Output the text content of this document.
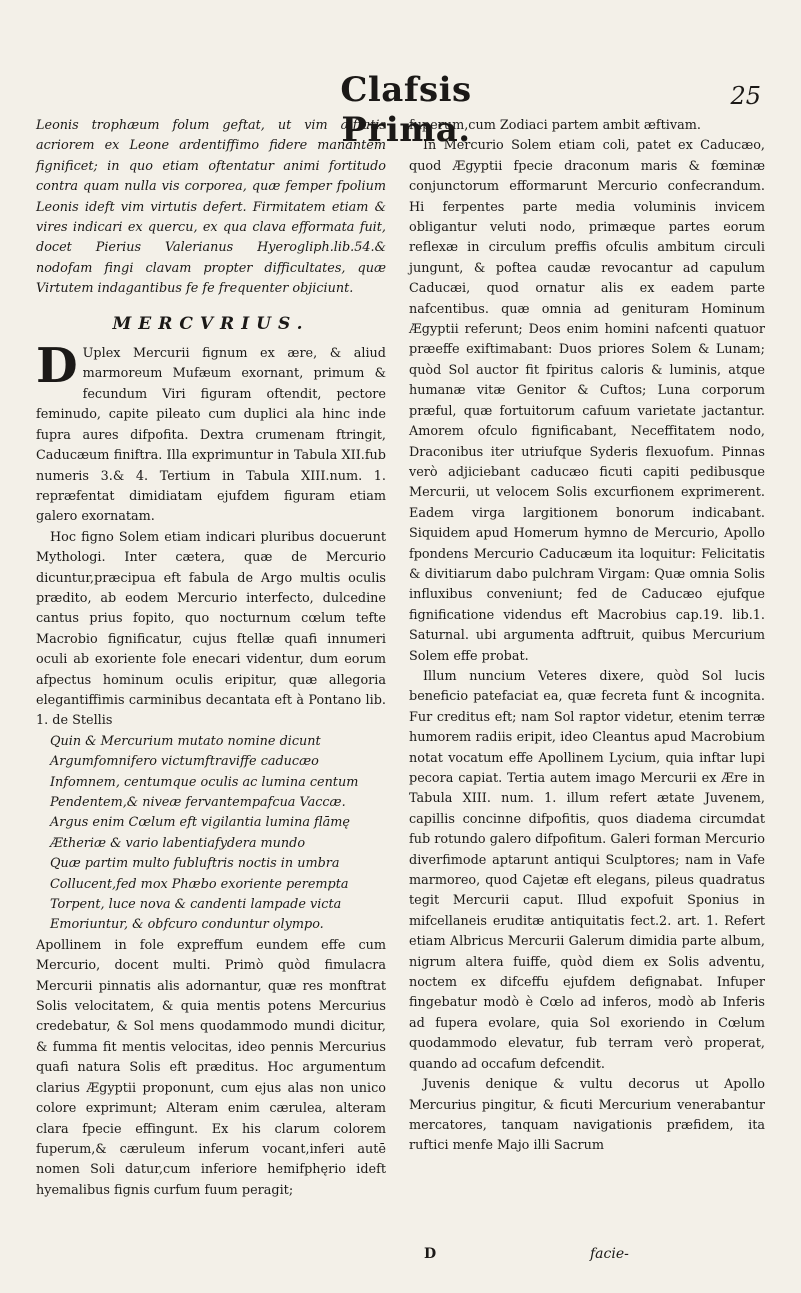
Clafsis Prima.
25

Leonis trophæum folum geftat, ut vim æftatis acriorem ex Leone ardentiffimo fidere manantem fignificet; in quo etiam oftentatur animi fortitudo contra quam nulla vis corporea, quæ femper fpolium Leonis ideft vim virtutis defert. Firmitatem etiam & vires indicari ex quercu, ex qua clava efformata fuit, docet Pierius Valerianus Hyerogliph.lib.54.& nodofam fingi clavam propter difficultates, quæ Virtutem indagantibus fe fe frequenter objiciunt.

MERCVRIUS.

D Uplex Mercurii fignum ex ære, & aliud marmoreum Mufæum exornant, primum & fecundum Viri figuram oftendit, pectore feminudo, capite pileato cum duplici ala hinc inde fupra aures difpofita. Dextra crumenam ftringit, Caducæum finiftra. Illa exprimuntur in Tabula XII.fub numeris 3.& 4. Tertium in Tabula XIII.num. 1. repræfentat dimidiatam ejufdem figuram etiam galero exornatam.

Hoc figno Solem etiam indicari pluribus docuerunt Mythologi. Inter cætera, quæ de Mercurio dicuntur,præcipua eft fabula de Argo multis oculis prædito, ab eodem Mercurio interfecto, dulcedine cantus prius fopito, quo nocturnum cœlum tefte Macrobio fignificatur, cujus ftellæ quafi innumeri oculi ab exoriente fole enecari videntur, dum eorum afpectus hominum oculis eripitur, quæ allegoria elegantiffimis carminibus decantata eft à Pontano lib. 1. de Stellis

Quin & Mercurium mutato nomine dicunt

Argumfomnifero victumftraviffe caducæo

Infomnem, centumque oculis ac lumina centum

Pendentem,& niveæ fervantempafcua Vaccæ.

Argus enim Cœlum eft vigilantia lumina flāmę

Ætheriæ & vario labentiafydera mundo

Quæ partim multo fubluftris noctis in umbra

Collucent,fed mox Phæbo exoriente perempta

Torpent, luce nova & candenti lampade victa

Emoriuntur, & obfcuro conduntur olympo.

Apollinem in fole expreffum eundem effe cum Mercurio, docent multi. Primò quòd fimulacra Mercurii pinnatis alis adornantur, quæ res monftrat Solis velocitatem, & quia mentis potens Mercurius credebatur, & Sol mens quodammodo mundi dicitur, & fumma fit mentis velocitas, ideo pennis Mercurius quafi natura Solis eft præditus. Hoc argumentum clarius Ægyptii proponunt, cum ejus alas non unico colore exprimunt; Alteram enim cærulea, alteram clara fpecie effingunt. Ex his clarum colorem fuperum,& cæruleum inferum vocant,inferi autē nomen Soli datur,cum inferiore hemifphęrio ideft hyemalibus fignis curfum fuum peragit;

fuperum,cum Zodiaci partem ambit æftivam.

In Mercurio Solem etiam coli, patet ex Caducæo, quod Ægyptii fpecie draconum maris & fœminæ conjunctorum efformarunt Mercurio confecrandum. Hi ferpentes parte media voluminis invicem obligantur veluti nodo, primæque partes eorum reflexæ in circulum preffis ofculis ambitum circuli jungunt, & poftea caudæ revocantur ad capulum Caducæi, quod ornatur alis ex eadem parte nafcentibus. quæ omnia ad genituram Hominum Ægyptii referunt; Deos enim homini nafcenti quatuor præeffe exiftimabant: Duos priores Solem & Lunam; quòd Sol auctor fit fpiritus caloris & luminis, atque humanæ vitæ Genitor & Cuftos; Luna corporum præful, quæ fortuitorum cafuum varietate jactantur. Amorem ofculo fignificabant, Neceffitatem nodo, Draconibus iter utriufque Syderis flexuofum. Pinnas verò adjiciebant caducæo ficuti capiti pedibusque Mercurii, ut velocem Solis excurfionem exprimerent. Eadem virga largitionem bonorum indicabant. Siquidem apud Homerum hymno de Mercurio, Apollo fpondens Mercurio Caducæum ita loquitur: Felicitatis & divitiarum dabo pulchram Virgam: Quæ omnia Solis influxibus conveniunt; fed de Caducæo ejufque fignificatione videndus eft Macrobius cap.19. lib.1. Saturnal. ubi argumenta adftruit, quibus Mercurium Solem effe probat.

Illum nuncium Veteres dixere, quòd Sol lucis beneficio patefaciat ea, quæ fecreta funt & incognita. Fur creditus eft; nam Sol raptor videtur, etenim terræ humorem radiis eripit, ideo Cleantus apud Macrobium notat vocatum effe Apollinem Lycium, quia inftar lupi pecora capiat. Tertia autem imago Mercurii ex Ære in Tabula XIII. num. 1. illum refert ætate Juvenem, capillis concinne difpofitis, quos diadema circumdat fub rotundo galero difpofitum. Galeri forman Mercurio diverfimode aptarunt antiqui Sculptores; nam in Vafe marmoreo, quod Cajetæ eft elegans, pileus quadratus tegit Mercurii caput. Illud expofuit Sponius in mifcellaneis eruditæ antiquitatis fect.2. art. 1. Refert etiam Albricus Mercurii Galerum dimidia parte album, nigrum altera fuiffe, quòd diem ex Solis adventu, noctem ex difceffu ejufdem defignabat. Infuper fingebatur modò è Cœlo ad inferos, modò ab Inferis ad fupera evolare, quia Sol exoriendo in Cœlum quodammodo elevatur, fub terram verò properat, quando ad occafum defcendit.

Juvenis denique & vultu decorus ut Apollo Mercurius pingitur, & ficuti Mercurium venerabantur mercatores, tanquam navigationis præfidem, ita ruftici menfe Majo illi Sacrum

D	facie-
